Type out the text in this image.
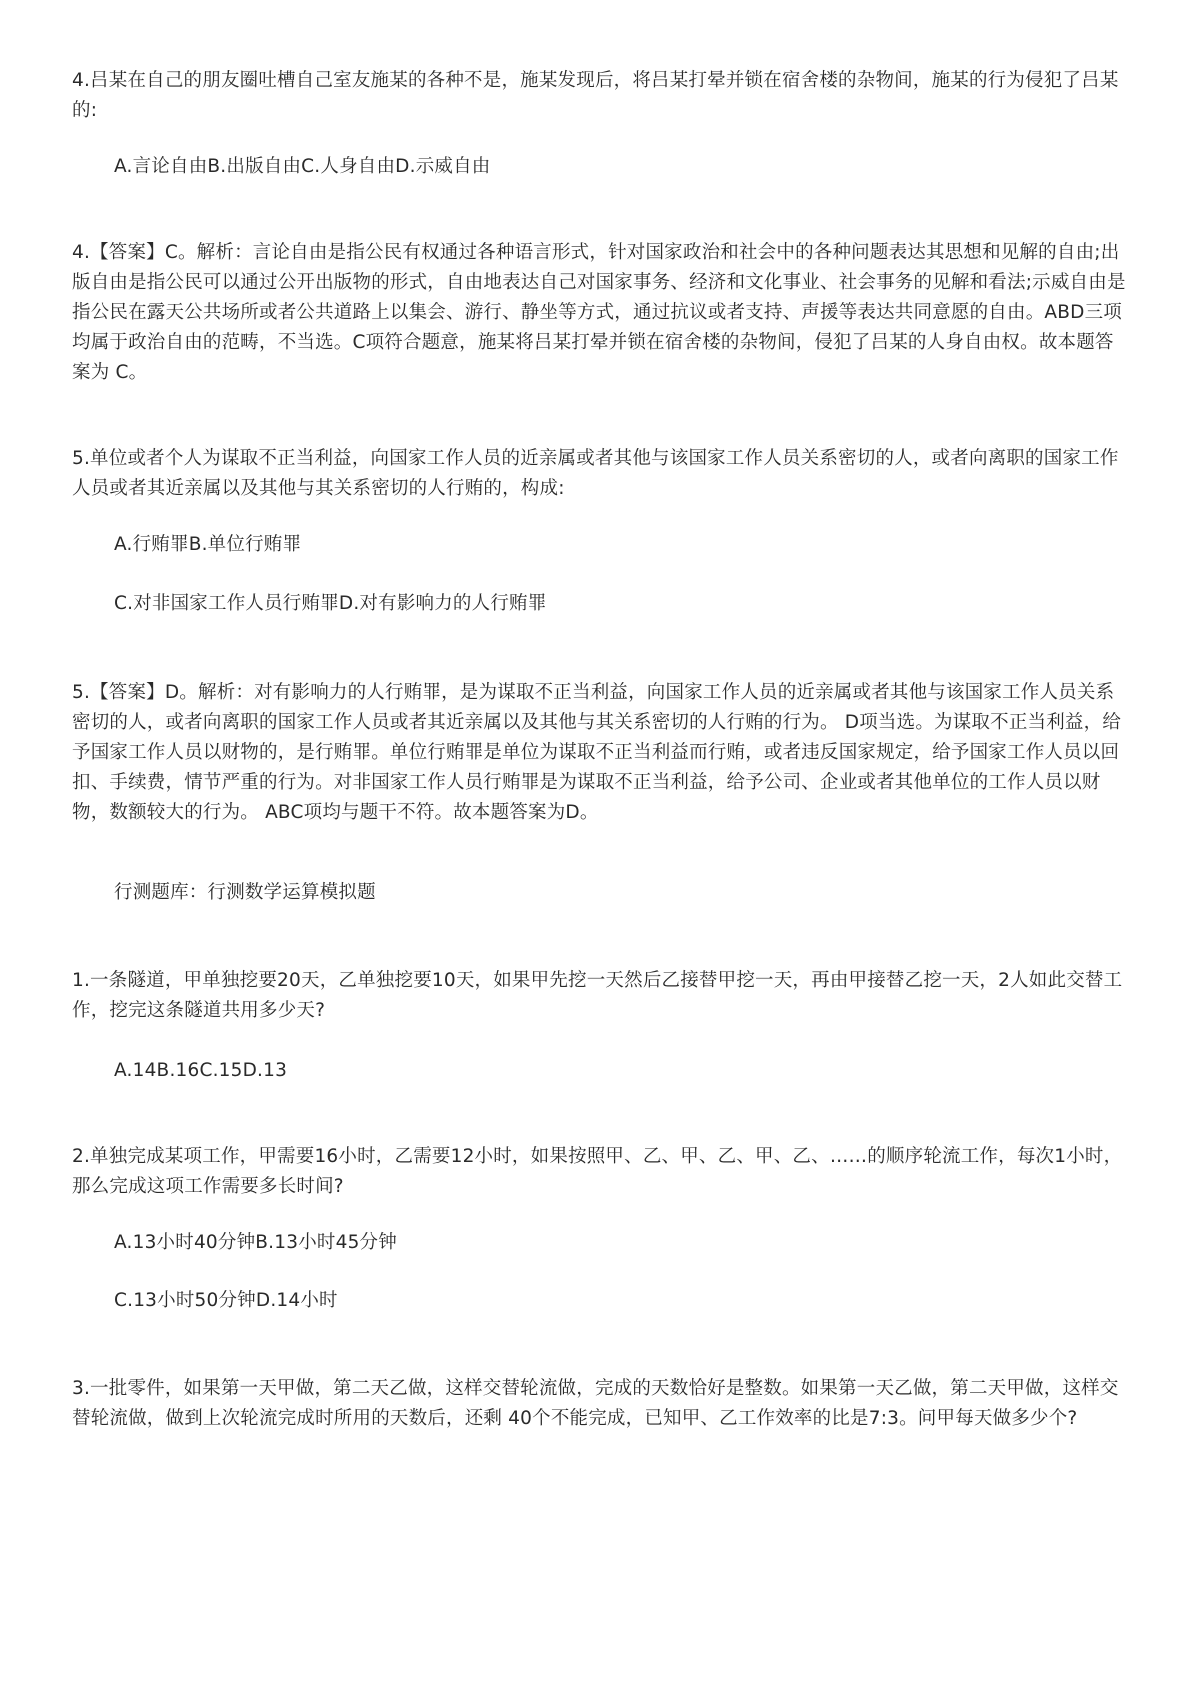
4.吕某在自己的朋友圈吐槽自己室友施某的各种不是，施某发现后，将吕某打晕并锁在宿舍楼的杂物间，施某的行为侵犯了吕某的:
A.言论自由B.出版自由C.人身自由D.示威自由
4.【答案】C。解析：言论自由是指公民有权通过各种语言形式，针对国家政治和社会中的各种问题表达其思想和见解的自由;出版自由是指公民可以通过公开出版物的形式，自由地表达自己对国家事务、经济和文化事业、社会事务的见解和看法;示威自由是指公民在露天公共场所或者公共道路上以集会、游行、静坐等方式，通过抗议或者支持、声援等表达共同意愿的自由。ABD三项均属于政治自由的范畴，不当选。C项符合题意，施某将吕某打晕并锁在宿舍楼的杂物间，侵犯了吕某的人身自由权。故本题答案为 C。
5.单位或者个人为谋取不正当利益，向国家工作人员的近亲属或者其他与该国家工作人员关系密切的人，或者向离职的国家工作人员或者其近亲属以及其他与其关系密切的人行贿的，构成:
A.行贿罪B.单位行贿罪
C.对非国家工作人员行贿罪D.对有影响力的人行贿罪
5.【答案】D。解析：对有影响力的人行贿罪，是为谋取不正当利益，向国家工作人员的近亲属或者其他与该国家工作人员关系密切的人，或者向离职的国家工作人员或者其近亲属以及其他与其关系密切的人行贿的行为。 D项当选。为谋取不正当利益，给予国家工作人员以财物的，是行贿罪。单位行贿罪是单位为谋取不正当利益而行贿，或者违反国家规定，给予国家工作人员以回扣、手续费，情节严重的行为。对非国家工作人员行贿罪是为谋取不正当利益，给予公司、企业或者其他单位的工作人员以财物，数额较大的行为。 ABC项均与题干不符。故本题答案为D。
行测题库：行测数学运算模拟题
1.一条隧道，甲单独挖要20天，乙单独挖要10天，如果甲先挖一天然后乙接替甲挖一天，再由甲接替乙挖一天，2人如此交替工作，挖完这条隧道共用多少天?
A.14B.16C.15D.13
2.单独完成某项工作，甲需要16小时，乙需要12小时，如果按照甲、乙、甲、乙、甲、乙、……的顺序轮流工作，每次1小时，那么完成这项工作需要多长时间?
A.13小时40分钟B.13小时45分钟
C.13小时50分钟D.14小时
3.一批零件，如果第一天甲做，第二天乙做，这样交替轮流做，完成的天数恰好是整数。如果第一天乙做，第二天甲做，这样交替轮流做，做到上次轮流完成时所用的天数后，还剩 40个不能完成，已知甲、乙工作效率的比是7:3。问甲每天做多少个?
